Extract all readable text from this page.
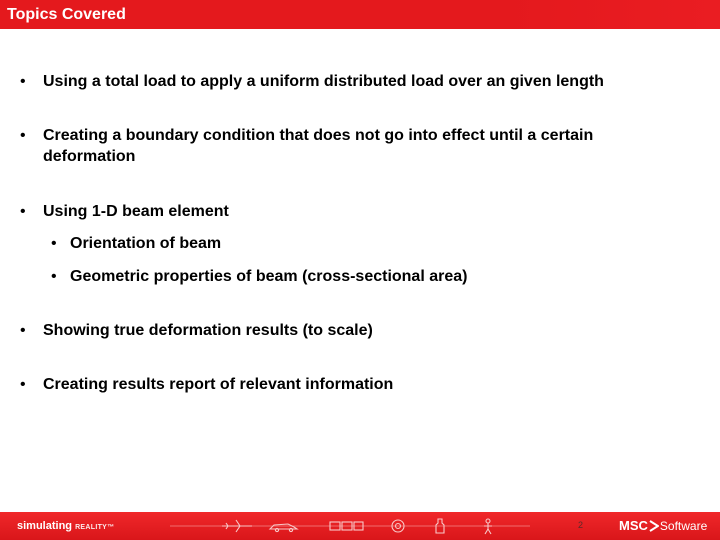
Topics Covered
• Using a total load to apply a uniform distributed load over an given length
• Creating a boundary condition that does not go into effect until a certain deformation
• Using 1-D beam element
• Orientation of beam
• Geometric properties of beam (cross-sectional area)
• Showing true deformation results (to scale)
• Creating results report of relevant information
simulating REALITY™	2	MSC Software
